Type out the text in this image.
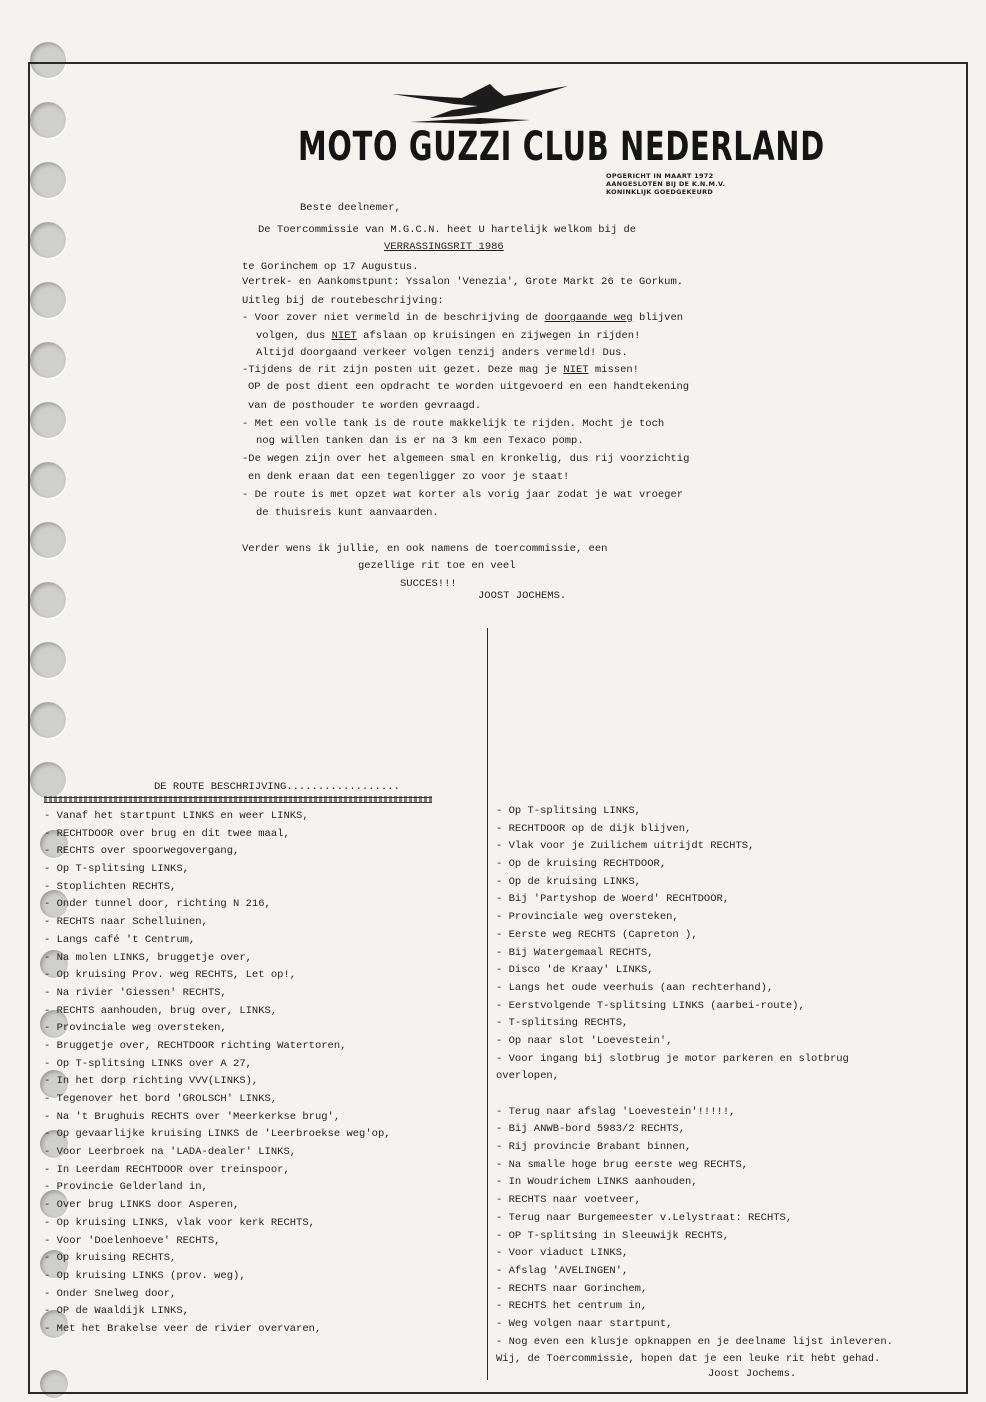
MOTO GUZZI CLUB NEDERLAND
OPGERICHT IN MAART 1972
AANGESLOTEN BIJ DE K.N.M.V.
KONINKLIJK GOEDGEKEURD
Beste deelnemer,
De Toercommissie van M.G.C.N. heet U hartelijk welkom bij de
VERRASSINGSRIT 1986
te Gorinchem op 17 Augustus.
Vertrek- en Aankomstpunt: Yssalon 'Venezia', Grote Markt 26 te Gorkum.
Uitleg bij de routebeschrijving:
- Voor zover niet vermeld in de beschrijving de doorgaande weg blijven
volgen, dus NIET afslaan op kruisingen en zijwegen in rijden!
Altijd doorgaand verkeer volgen tenzij anders vermeld! Dus.
-Tijdens de rit zijn posten uit gezet. Deze mag je NIET missen!
OP de post dient een opdracht te worden uitgevoerd en een handtekening
van de posthouder te worden gevraagd.
- Met een volle tank is de route makkelijk te rijden. Mocht je toch
nog willen tanken dan is er na 3 km een Texaco pomp.
-De wegen zijn over het algemeen smal en kronkelig, dus rij voorzichtig
en denk eraan dat een tegenligger zo voor je staat!
- De route is met opzet wat korter als vorig jaar zodat je wat vroeger
de thuisreis kunt aanvaarden.
Verder wens ik jullie, en ook namens de toercommissie, een
gezellige rit toe en veel
SUCCES!!!
JOOST JOCHEMS.
DE ROUTE BESCHRIJVING..................
- Vanaf het startpunt LINKS en weer LINKS,
- RECHTDOOR over brug en dit twee maal,
- RECHTS over spoorwegovergang,
- Op T-splitsing LINKS,
- Stoplichten RECHTS,
- Onder tunnel door, richting N 216,
- RECHTS naar Schelluinen,
- Langs café 't Centrum,
- Na molen LINKS, bruggetje over,
- Op kruising Prov. weg RECHTS, Let op!,
- Na rivier 'Giessen' RECHTS,
- RECHTS aanhouden, brug over, LINKS,
- Provinciale weg oversteken,
- Bruggetje over, RECHTDOOR richting Watertoren,
- Op T-splitsing LINKS over A 27,
- In het dorp richting VVV(LINKS),
- Tegenover het bord 'GROLSCH' LINKS,
- Na 't Brughuis RECHTS over 'Meerkerkse brug',
- Op gevaarlijke kruising LINKS de 'Leerbroekse weg'op,
- Voor Leerbroek na 'LADA-dealer' LINKS,
- In Leerdam RECHTDOOR over treinspoor,
- Provincie Gelderland in,
- Over brug LINKS door Asperen,
- Op kruising LINKS, vlak voor kerk RECHTS,
- Voor 'Doelenhoeve' RECHTS,
- Op kruising RECHTS,
- Op kruising LINKS (prov. weg),
- Onder Snelweg door,
- OP de Waaldijk LINKS,
- Met het Brakelse veer de rivier overvaren,
- Op T-splitsing LINKS,
- RECHTDOOR op de dijk blijven,
- Vlak voor je Zuilichem uitrijdt RECHTS,
- Op de kruising RECHTDOOR,
- Op de kruising LINKS,
- Bij 'Partyshop de Woerd' RECHTDOOR,
- Provinciale weg oversteken,
- Eerste weg RECHTS (Capreton ),
- Bij Watergemaal RECHTS,
- Disco 'de Kraay' LINKS,
- Langs het oude veerhuis (aan rechterhand),
- Eerstvolgende T-splitsing LINKS (aarbei-route),
- T-splitsing RECHTS,
- Op naar slot 'Loevestein',
- Voor ingang bij slotbrug je motor parkeren en slotbrug
overlopen,
- Terug naar afslag 'Loevestein'!!!!!,
- Bij ANWB-bord 5983/2 RECHTS,
- Rij provincie Brabant binnen,
- Na smalle hoge brug eerste weg RECHTS,
- In Woudrichem LINKS aanhouden,
- RECHTS naar voetveer,
- Terug naar Burgemeester v.Lelystraat: RECHTS,
- OP T-splitsing in Sleeuwijk RECHTS,
- Voor viaduct LINKS,
- Afslag 'AVELINGEN',
- RECHTS naar Gorinchem,
- RECHTS het centrum in,
- Weg volgen naar startpunt,
- Nog even een klusje opknappen en je deelname lijst inleveren.
Wij, de Toercommissie, hopen dat je een leuke rit hebt gehad.
Joost Jochems.
